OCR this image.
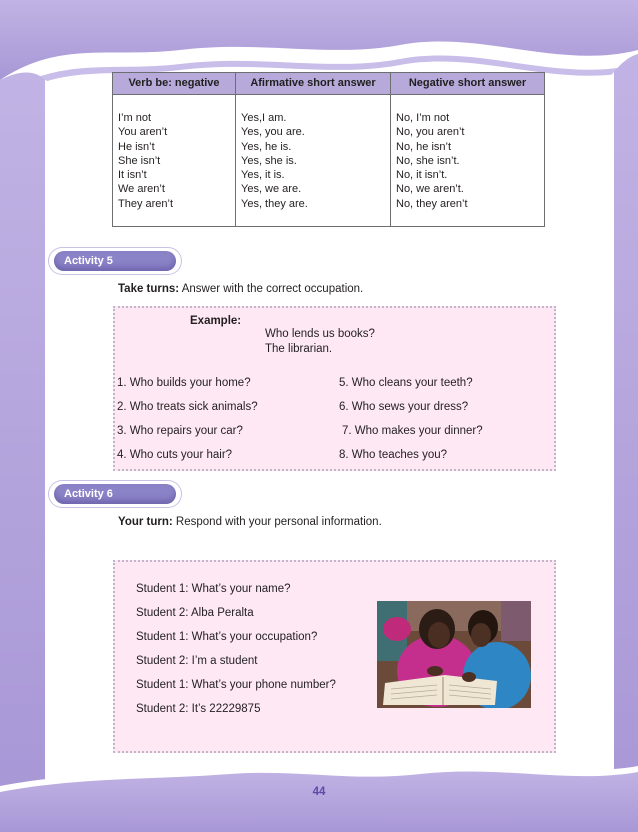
Verb be: negative	Afirmative short answer	Negative short answer
I’m not
You aren’t
He isn’t
She isn’t
It isn’t
We aren’t
They aren’t
Yes,I am.
Yes, you are.
Yes, he is.
Yes, she is.
Yes, it is.
Yes, we are.
Yes, they are.
No, I’m not
No, you aren’t
No, he isn’t
No, she isn’t.
No, it isn’t.
No, we aren’t.
No, they aren’t
Activity 5
Take turns: Answer with the correct occupation.
Example:
Who lends us books?
The librarian.
1. Who builds your home?
2. Who treats sick animals?
3. Who repairs your car?
4. Who cuts your hair?
5. Who cleans your teeth?
6. Who sews your dress?
7. Who makes your dinner?
8. Who teaches you?
Activity 6
Your turn: Respond with your personal information.
Student 1: What’s your name?
Student 2: Alba Peralta
Student 1: What’s your occupation?
Student 2: I’m a student
Student 1: What’s your phone number?
Student 2: It’s 22229875
44
